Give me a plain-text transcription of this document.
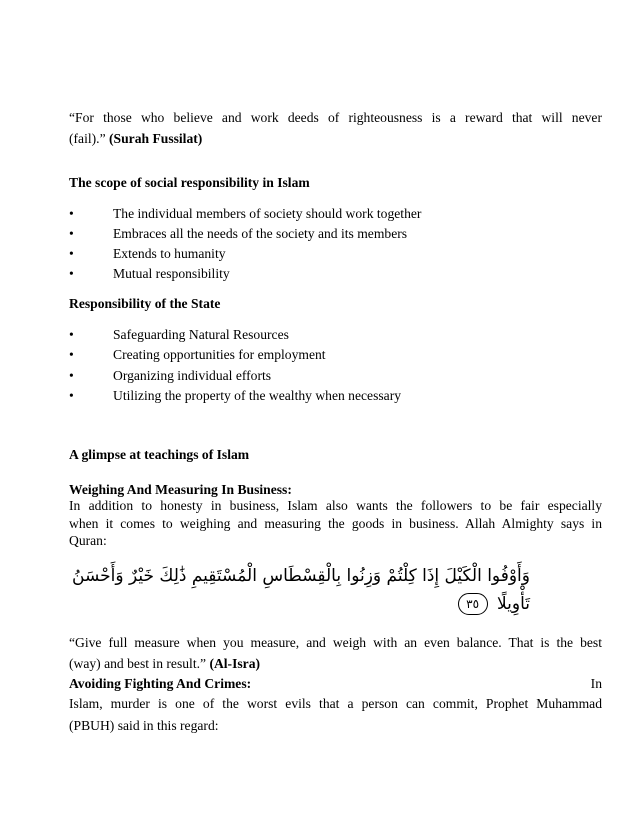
“For those who believe and work deeds of righteousness is a reward that will never
(fail).” (Surah Fussilat)
The scope of social responsibility in Islam
•	The individual members of society should work together
•	Embraces all the needs of the society and its members
•	Extends to humanity
•	Mutual responsibility
Responsibility of the State
•	Safeguarding Natural Resources
•	Creating opportunities for employment
•	Organizing individual efforts
•	Utilizing the property of the wealthy when necessary
A glimpse at teachings of Islam
Weighing And Measuring In Business:
In addition to honesty in business, Islam also wants the followers to be fair especially
when it comes to weighing and measuring the goods in business. Allah Almighty says in
Quran:
“Give full measure when you measure, and weigh with an even balance. That is the best
(way) and best in result.” (Al-Isra)
Avoiding Fighting And Crimes:	In
Islam, murder is one of the worst evils that a person can commit, Prophet Muhammad
(PBUH) said in this regard:
وَأَوْفُوا الْكَيْلَ إِذَا كِلْتُمْ وَزِنُوا بِالْقِسْطَاسِ الْمُسْتَقِيمِ ذَٰلِكَ خَيْرٌ وَأَحْسَنُ
تَأْوِيلًا ٣٥
